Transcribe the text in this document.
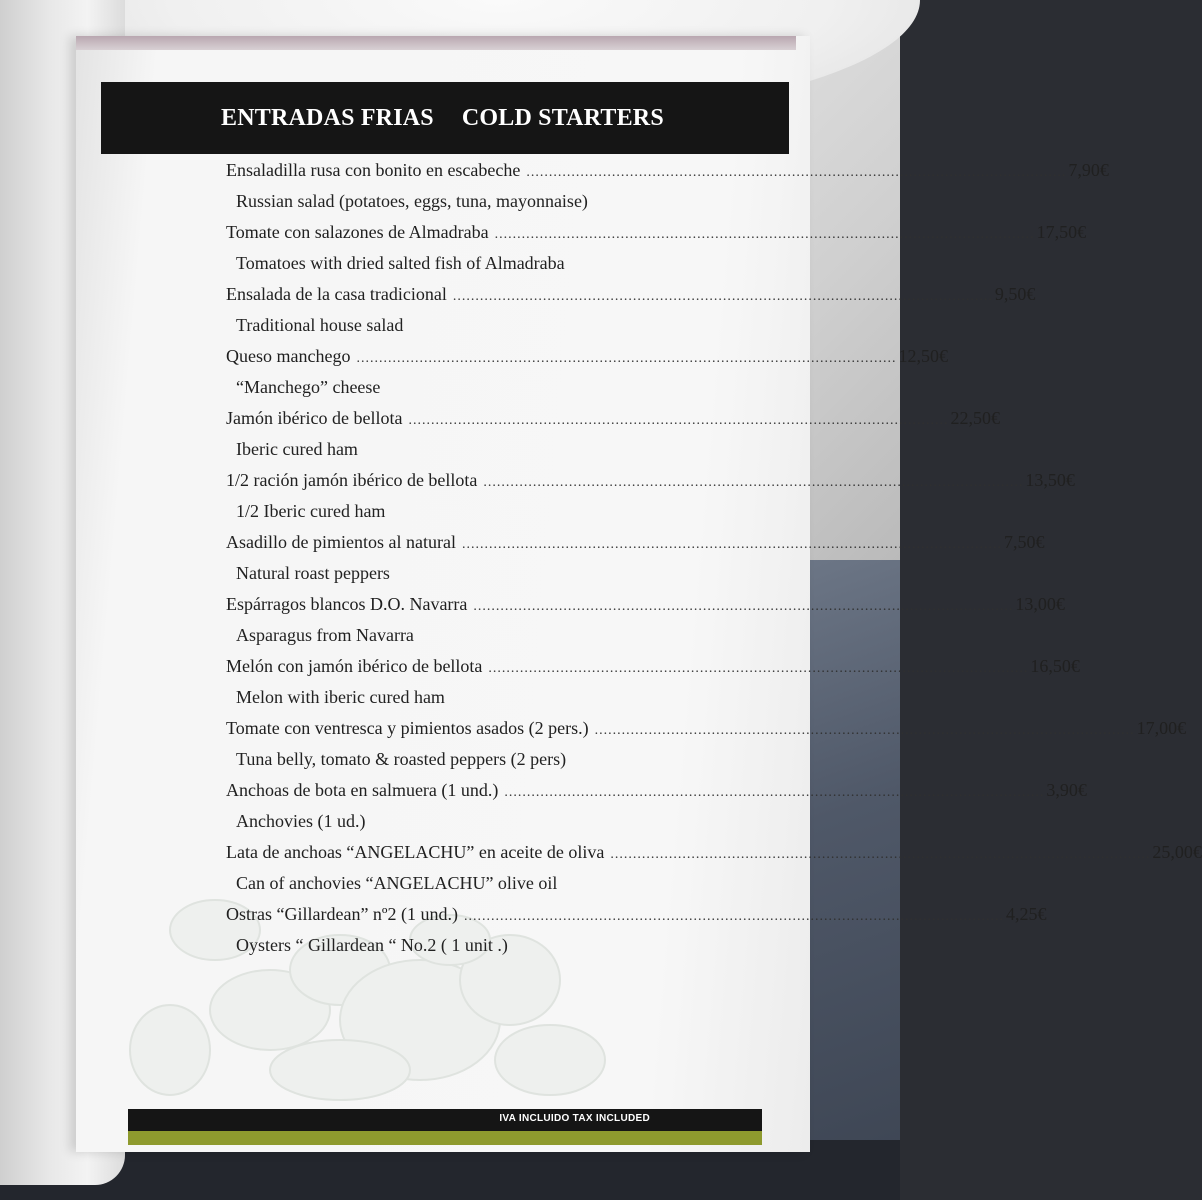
ENTRADAS FRIAS COLD STARTERS
Ensaladilla rusa con bonito en escabeche ........................................................................................................................ 7,90€
Russian salad (potatoes, eggs, tuna, mayonnaise)
Tomate con salazones de Almadraba ........................................................................................................................ 17,50€
Tomatoes with dried salted fish of Almadraba
Ensalada de la casa tradicional ........................................................................................................................ 9,50€
Traditional house salad
Queso manchego ........................................................................................................................ 12,50€
“Manchego” cheese
Jamón ibérico de bellota ........................................................................................................................ 22,50€
Iberic cured ham
1/2 ración jamón ibérico de bellota ........................................................................................................................ 13,50€
1/2 Iberic cured ham
Asadillo de pimientos al natural ........................................................................................................................ 7,50€
Natural roast peppers
Espárragos blancos D.O. Navarra ........................................................................................................................ 13,00€
Asparagus from Navarra
Melón con jamón ibérico de bellota ........................................................................................................................ 16,50€
Melon with iberic cured ham
Tomate con ventresca y pimientos asados (2 pers.) ........................................................................................................................ 17,00€
Tuna belly, tomato & roasted peppers (2 pers)
Anchoas de bota en salmuera (1 und.) ........................................................................................................................ 3,90€
Anchovies (1 ud.)
Lata de anchoas “ANGELACHU” en aceite de oliva ........................................................................................................................ 25,00€
Can of anchovies “ANGELACHU” olive oil
Ostras “Gillardean” nº2 (1 und.) ........................................................................................................................ 4,25€
Oysters “ Gillardean “ No.2 ( 1 unit .)
IVA INCLUIDO TAX INCLUDED
